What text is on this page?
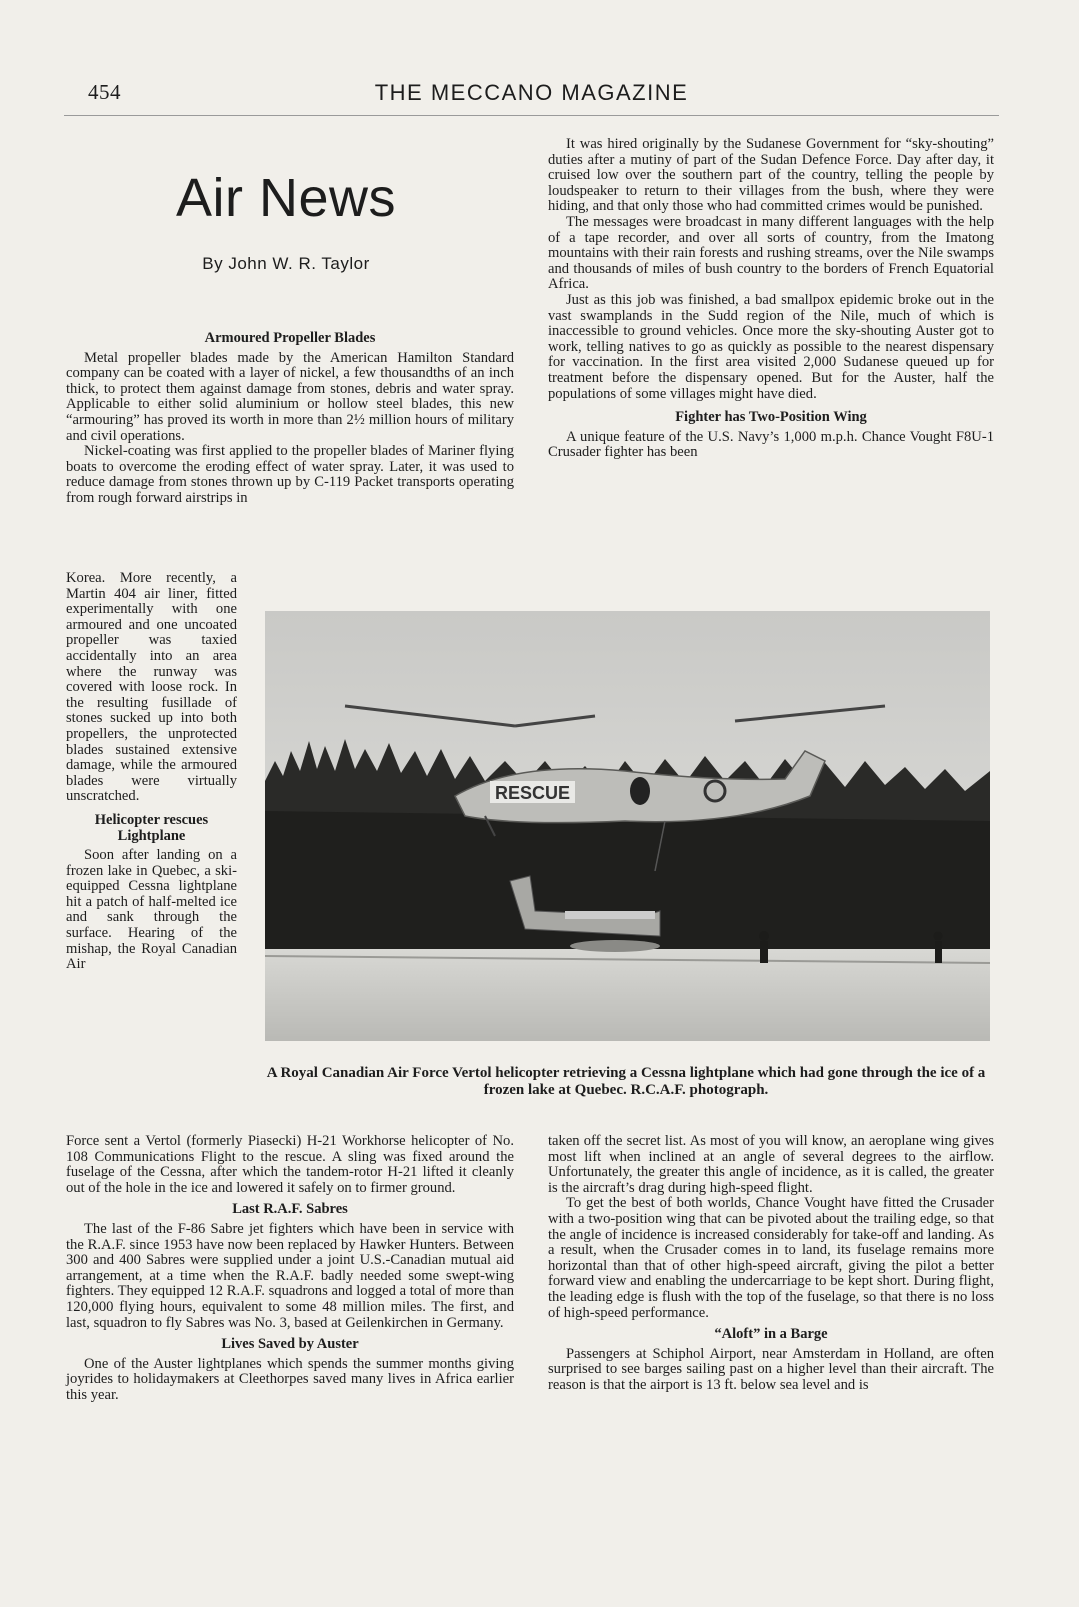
454	THE MECCANO MAGAZINE
Air News
By John W. R. Taylor
Armoured Propeller Blades

Metal propeller blades made by the American Hamilton Standard company can be coated with a layer of nickel, a few thousandths of an inch thick, to protect them against damage from stones, debris and water spray. Applicable to either solid aluminium or hollow steel blades, this new “armouring” has proved its worth in more than 2½ million hours of military and civil operations.

Nickel-coating was first applied to the propeller blades of Mariner flying boats to overcome the eroding effect of water spray. Later, it was used to reduce damage from stones thrown up by C-119 Packet transports operating from rough forward airstrips in

Korea. More recently, a Martin 404 air liner, fitted experimentally with one armoured and one uncoated propeller was taxied accidentally into an area where the runway was covered with loose rock. In the resulting fusillade of stones sucked up into both propellers, the unprotected blades sustained extensive damage, while the armoured blades were virtually unscratched.

Helicopter rescues Lightplane

Soon after landing on a frozen lake in Quebec, a ski-equipped Cessna lightplane hit a patch of half-melted ice and sank through the surface. Hearing of the mishap, the Royal Canadian Air

Force sent a Vertol (formerly Piasecki) H-21 Workhorse helicopter of No. 108 Communications Flight to the rescue. A sling was fixed around the fuselage of the Cessna, after which the tandem-rotor H-21 lifted it cleanly out of the hole in the ice and lowered it safely on to firmer ground.

Last R.A.F. Sabres

The last of the F-86 Sabre jet fighters which have been in service with the R.A.F. since 1953 have now been replaced by Hawker Hunters. Between 300 and 400 Sabres were supplied under a joint U.S.-Canadian mutual aid arrangement, at a time when the R.A.F. badly needed some swept-wing fighters. They equipped 12 R.A.F. squadrons and logged a total of more than 120,000 flying hours, equivalent to some 48 million miles. The first, and last, squadron to fly Sabres was No. 3, based at Geilenkirchen in Germany.

Lives Saved by Auster

One of the Auster lightplanes which spends the summer months giving joyrides to holidaymakers at Cleethorpes saved many lives in Africa earlier this year.

It was hired originally by the Sudanese Government for “sky-shouting” duties after a mutiny of part of the Sudan Defence Force. Day after day, it cruised low over the southern part of the country, telling the people by loudspeaker to return to their villages from the bush, where they were hiding, and that only those who had committed crimes would be punished.

The messages were broadcast in many different languages with the help of a tape recorder, and over all sorts of country, from the Imatong mountains with their rain forests and rushing streams, over the Nile swamps and thousands of miles of bush country to the borders of French Equatorial Africa.

Just as this job was finished, a bad smallpox epidemic broke out in the vast swamplands in the Sudd region of the Nile, much of which is inaccessible to ground vehicles. Once more the sky-shouting Auster got to work, telling natives to go as quickly as possible to the nearest dispensary for vaccination. In the first area visited 2,000 Sudanese queued up for treatment before the dispensary opened. But for the Auster, half the populations of some villages might have died.

Fighter has Two-Position Wing

A unique feature of the U.S. Navy’s 1,000 m.p.h. Chance Vought F8U-1 Crusader fighter has been

RESCUE
A Royal Canadian Air Force Vertol helicopter retrieving a Cessna lightplane which had gone through the ice of a frozen lake at Quebec. R.C.A.F. photograph.

taken off the secret list. As most of you will know, an aeroplane wing gives most lift when inclined at an angle of several degrees to the airflow. Unfortunately, the greater this angle of incidence, as it is called, the greater is the aircraft’s drag during high-speed flight.

To get the best of both worlds, Chance Vought have fitted the Crusader with a two-position wing that can be pivoted about the trailing edge, so that the angle of incidence is increased considerably for take-off and landing. As a result, when the Crusader comes in to land, its fuselage remains more horizontal than that of other high-speed aircraft, giving the pilot a better forward view and enabling the undercarriage to be kept short. During flight, the leading edge is flush with the top of the fuselage, so that there is no loss of high-speed performance.

“Aloft” in a Barge

Passengers at Schiphol Airport, near Amsterdam in Holland, are often surprised to see barges sailing past on a higher level than their aircraft. The reason is that the airport is 13 ft. below sea level and is
